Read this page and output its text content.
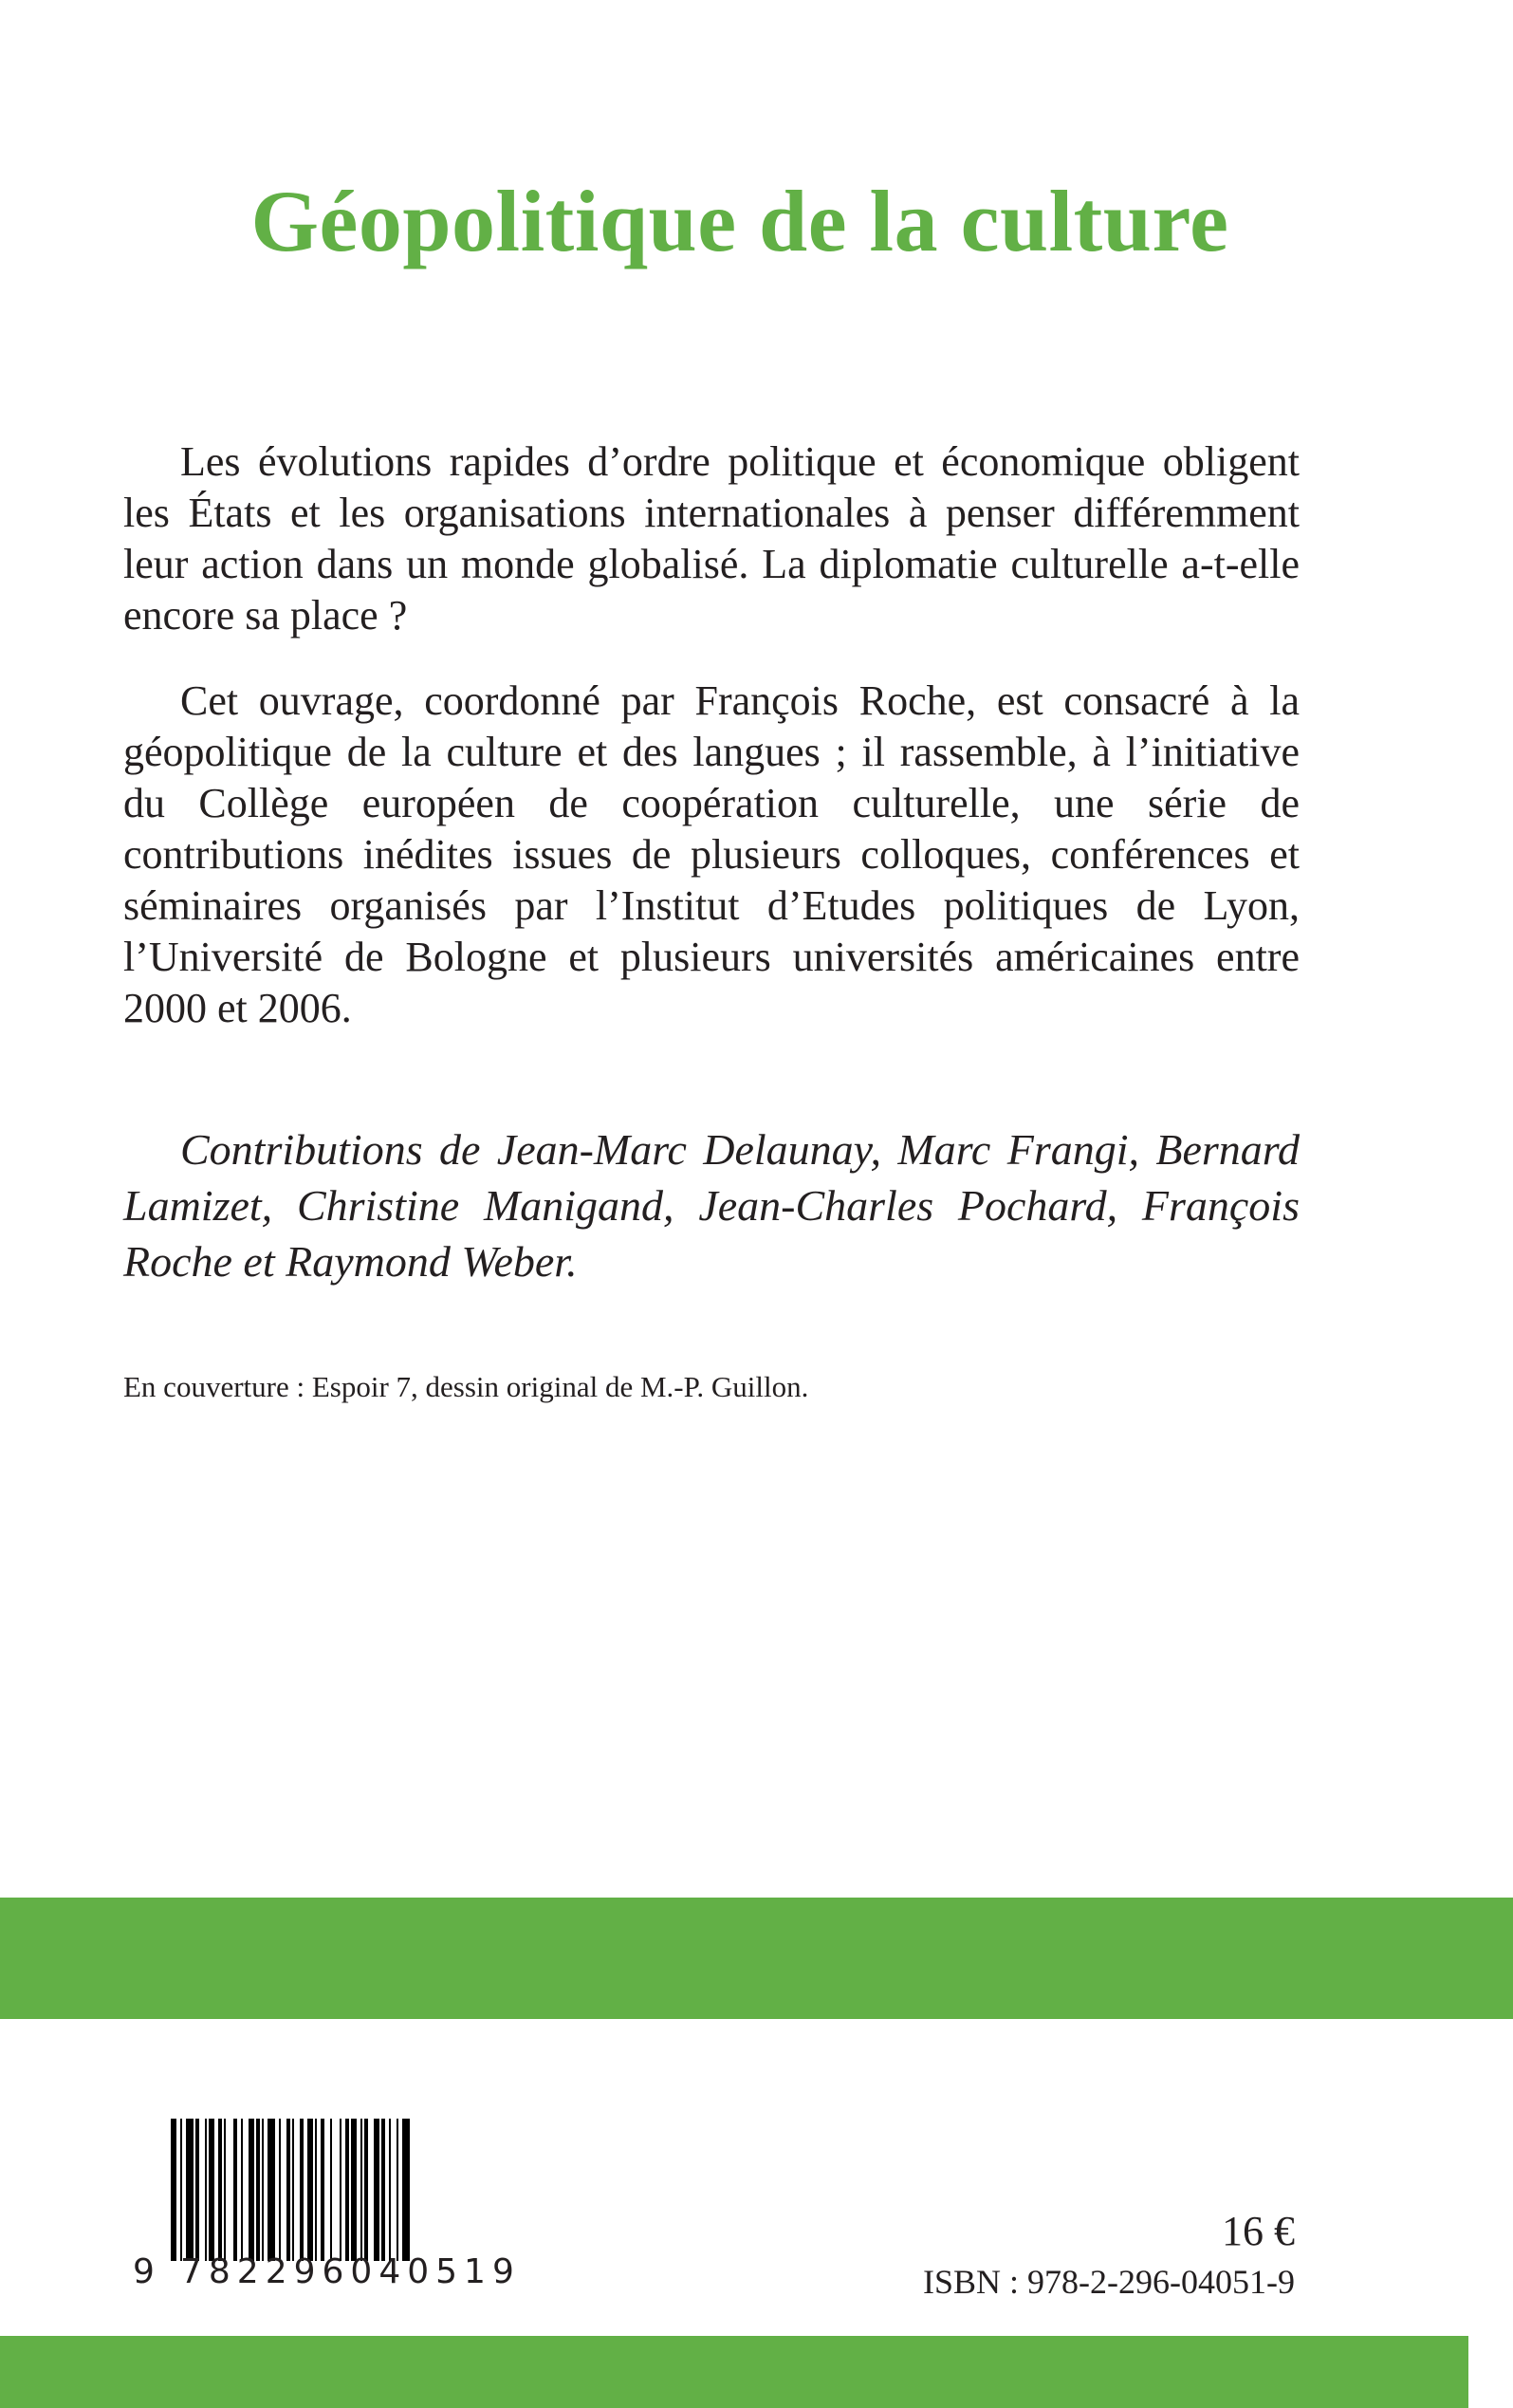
Géopolitique de la culture

Les évolutions rapides d’ordre politique et économique obligent les États et les organisations internationales à penser différemment leur action dans un monde globalisé. La diplomatie culturelle a-t-elle encore sa place ?

Cet ouvrage, coordonné par François Roche, est consacré à la géopolitique de la culture et des langues ; il rassemble, à l’initiative du Collège européen de coopération culturelle, une série de contributions inédites issues de plusieurs colloques, conférences et séminaires organisés par l’Institut d’Etudes politiques de Lyon, l’Université de Bologne et plusieurs universités américaines entre 2000 et 2006.

Contributions de Jean-Marc Delaunay, Marc Frangi, Bernard Lamizet, Christine Manigand, Jean-Charles Pochard, François Roche et Raymond Weber.

En couverture : Espoir 7, dessin original de M.-P. Guillon.

9 782296040519

16 €

ISBN : 978-2-296-04051-9
